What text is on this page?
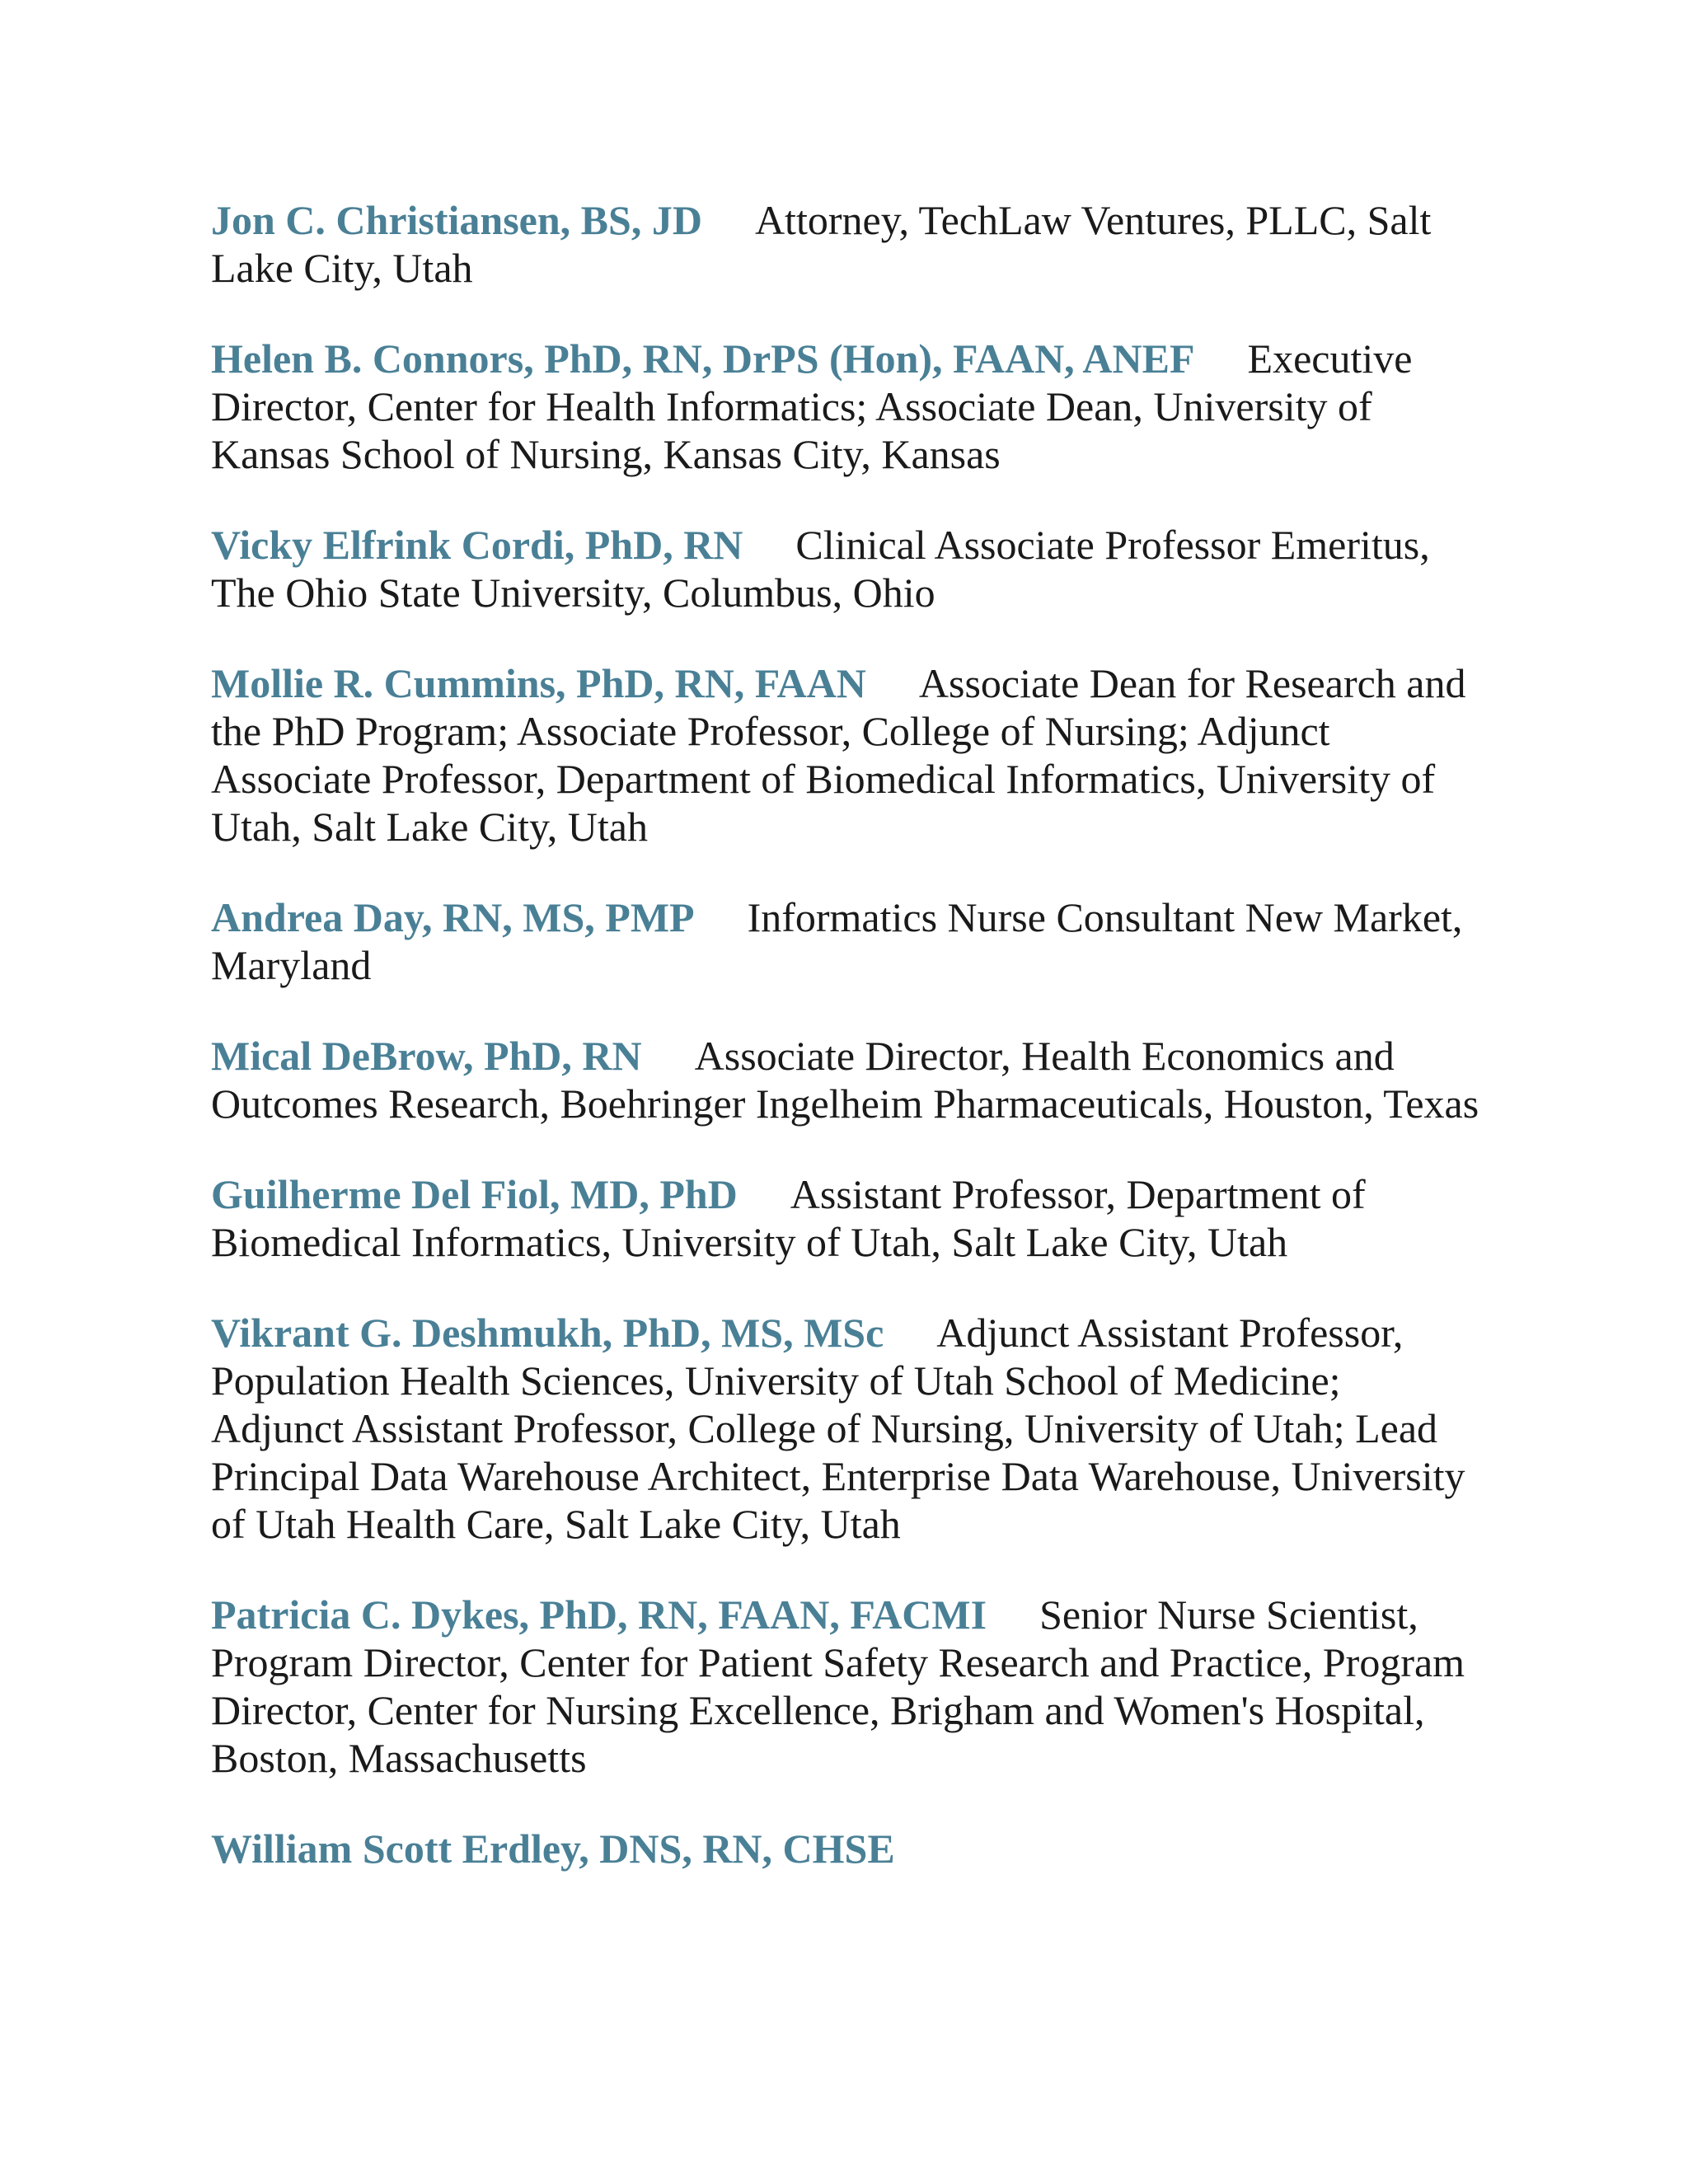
Jon C. Christiansen, BS, JD Attorney, TechLaw Ventures, PLLC, Salt Lake City, Utah

Helen B. Connors, PhD, RN, DrPS (Hon), FAAN, ANEF Executive Director, Center for Health Informatics; Associate Dean, University of Kansas School of Nursing, Kansas City, Kansas

Vicky Elfrink Cordi, PhD, RN Clinical Associate Professor Emeritus, The Ohio State University, Columbus, Ohio

Mollie R. Cummins, PhD, RN, FAAN Associate Dean for Research and the PhD Program; Associate Professor, College of Nursing; Adjunct Associate Professor, Department of Biomedical Informatics, University of Utah, Salt Lake City, Utah

Andrea Day, RN, MS, PMP Informatics Nurse Consultant New Market, Maryland

Mical DeBrow, PhD, RN Associate Director, Health Economics and Outcomes Research, Boehringer Ingelheim Pharmaceuticals, Houston, Texas

Guilherme Del Fiol, MD, PhD Assistant Professor, Department of Biomedical Informatics, University of Utah, Salt Lake City, Utah

Vikrant G. Deshmukh, PhD, MS, MSc Adjunct Assistant Professor, Population Health Sciences, University of Utah School of Medicine; Adjunct Assistant Professor, College of Nursing, University of Utah; Lead Principal Data Warehouse Architect, Enterprise Data Warehouse, University of Utah Health Care, Salt Lake City, Utah

Patricia C. Dykes, PhD, RN, FAAN, FACMI Senior Nurse Scientist, Program Director, Center for Patient Safety Research and Practice, Program Director, Center for Nursing Excellence, Brigham and Women's Hospital, Boston, Massachusetts

William Scott Erdley, DNS, RN, CHSE
